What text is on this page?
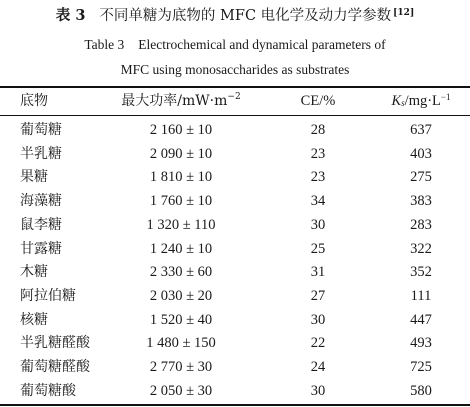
表 3 不同单糖为底物的 MFC 电化学及动力学参数 [12]
Table 3 Electrochemical and dynamical parameters of
MFC using monosaccharides as substrates
底物	最大功率$/mW\cdot m^{-2}$	CE/%	$K_s/mg\cdot L^{-1}$
葡萄糖	2 160 ± 10	28	637
半乳糖	2 090 ± 10	23	403
果糖	1 810 ± 10	23	275
海藻糖	1 760 ± 10	34	383
鼠李糖	1 320 ± 110	30	283
甘露糖	1 240 ± 10	25	322
木糖	2 330 ± 60	31	352
阿拉伯糖	2 030 ± 20	27	111
核糖	1 520 ± 40	30	447
半乳糖醛酸	1 480 ± 150	22	493
葡萄糖醛酸	2 770 ± 30	24	725
葡萄糖酸	2 050 ± 30	30	580
